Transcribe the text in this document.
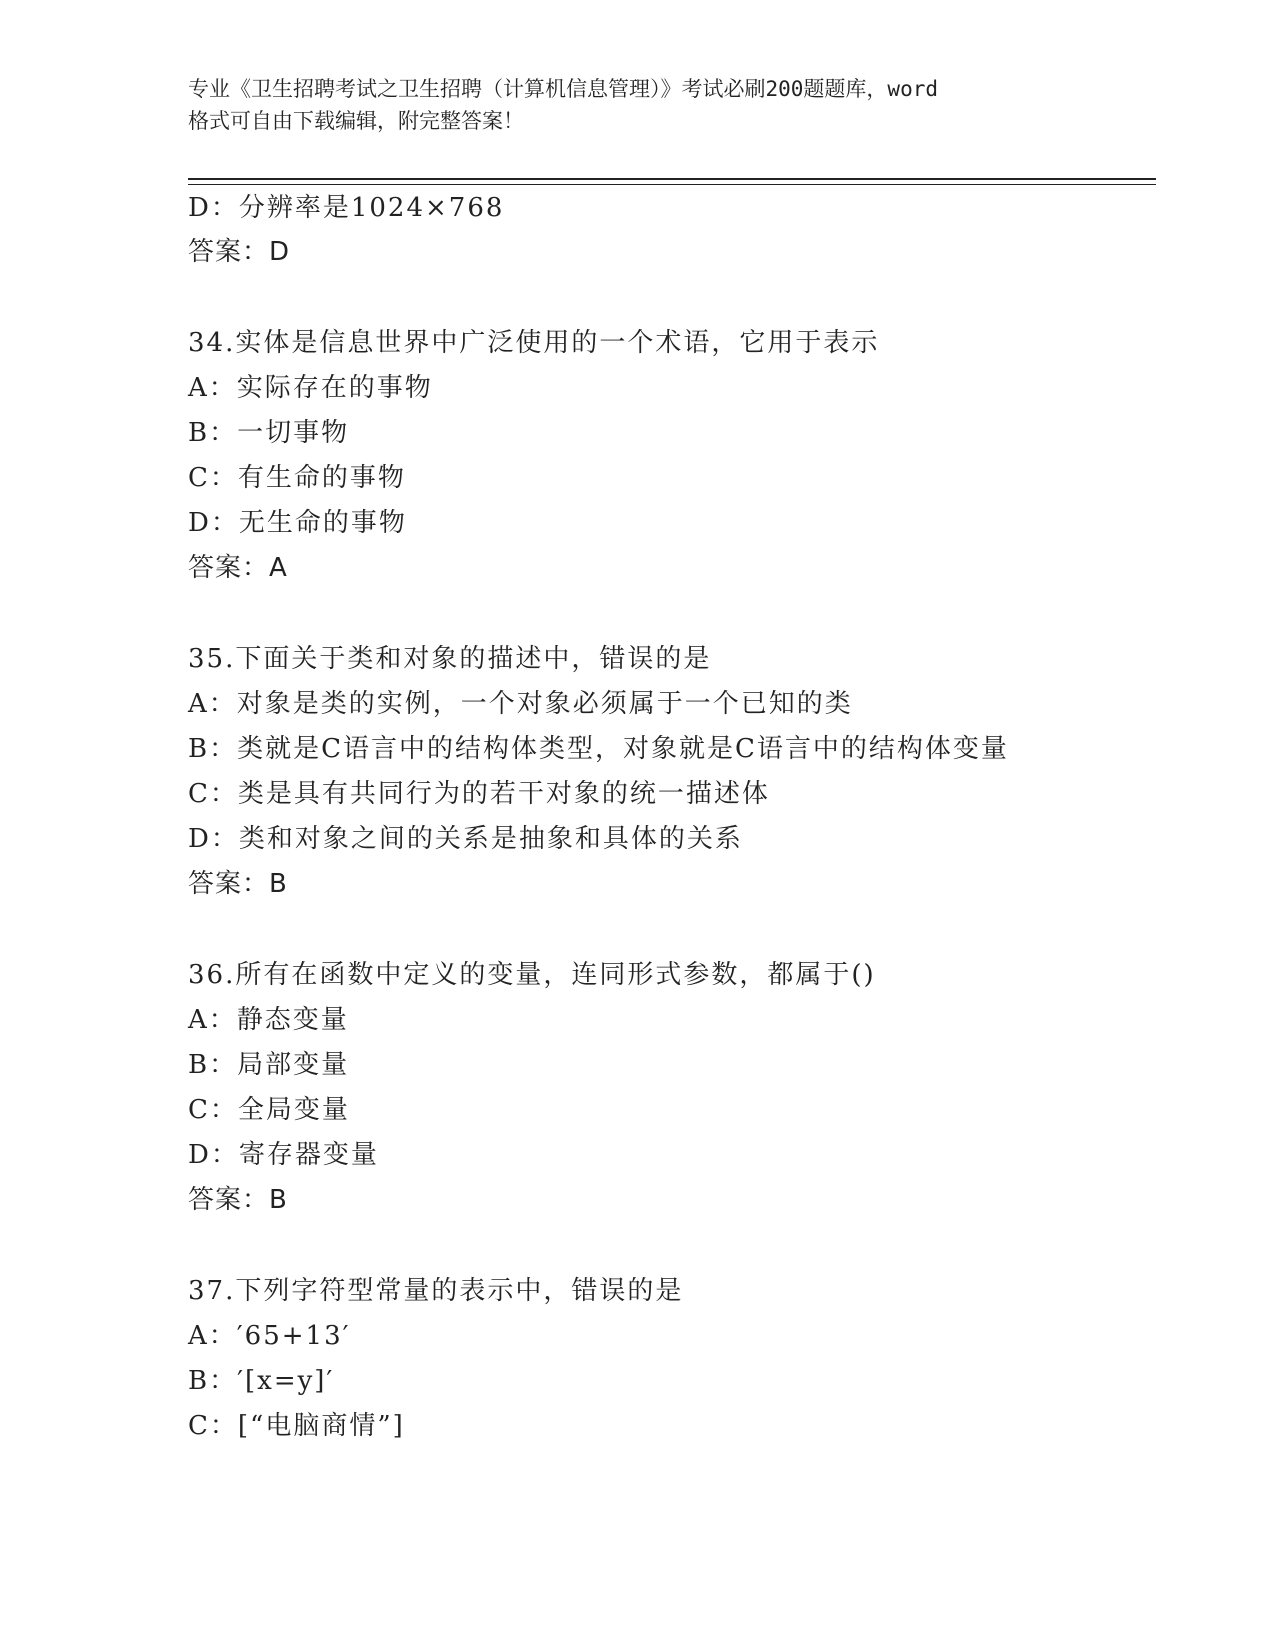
专业《卫生招聘考试之卫生招聘（计算机信息管理）》考试必刷200题题库，word
格式可自由下载编辑，附完整答案！
D：分辨率是1024×768
答案：D
34.实体是信息世界中广泛使用的一个术语，它用于表示
A：实际存在的事物
B：一切事物
C：有生命的事物
D：无生命的事物
答案：A
35.下面关于类和对象的描述中，错误的是
A：对象是类的实例，一个对象必须属于一个已知的类
B：类就是C语言中的结构体类型，对象就是C语言中的结构体变量
C：类是具有共同行为的若干对象的统一描述体
D：类和对象之间的关系是抽象和具体的关系
答案：B
36.所有在函数中定义的变量，连同形式参数，都属于()
A：静态变量
B：局部变量
C：全局变量
D：寄存器变量
答案：B
37.下列字符型常量的表示中，错误的是
A：′65+13′
B：′[x=y]′
C：[“电脑商情”]
